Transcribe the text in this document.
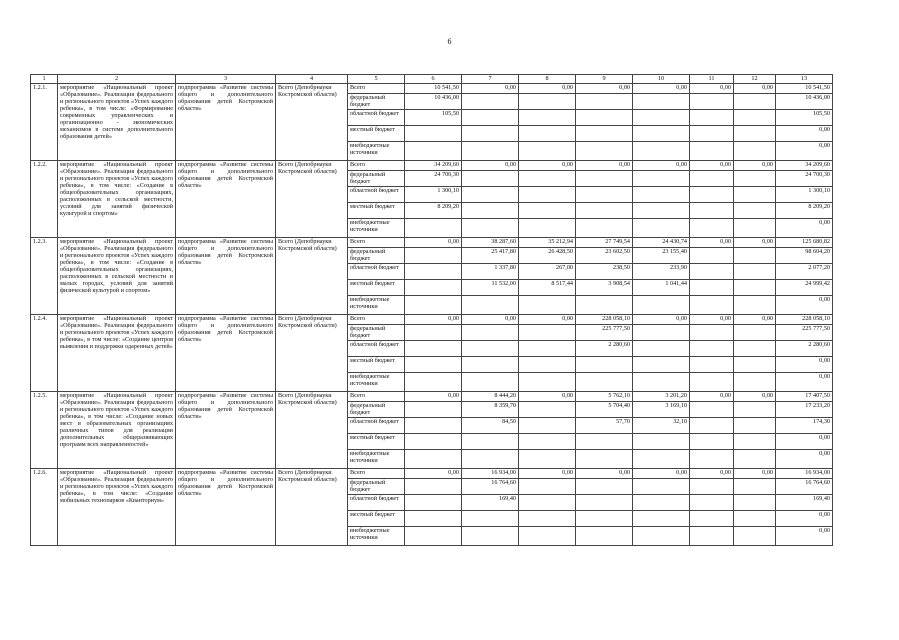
6
1	2	3	4	5	6	7	8	9	10	11	12	13
1.2.1.	мероприятие «Национальный проект «Образование». Реализация федерального и регионального проектов «Успех каждого ребенка», в том числе: «Формирование современных управленческих и организационно - экономических механизмов в системе дополнительного образования детей»	подпрограмма «Развитие системы общего и дополнительного образования детей Костромской области»	Всего (Депобрнауки Костромской области)	Всего	10 541,50	0,00	0,00	0,00	0,00	0,00	0,00	10 541,50
				федеральный бюджет	10 436,00							10 436,00
				областной бюджет	105,50							105,50
				местный бюджет								0,00
				внебюджетные источники								0,00
1.2.2.	мероприятие «Национальный проект «Образование». Реализация федерального и регионального проектов «Успех каждого ребенка», в том числе: «Создание в общеобразовательных организациях, расположенных в сельской местности, условий для занятий физической культурой и спортом»	подпрограмма «Развитие системы общего и дополнительного образования детей Костромской области»	Всего (Депобрнауки Костромской области)	Всего	34 209,60	0,00	0,00	0,00	0,00	0,00	0,00	34 209,60
				федеральный бюджет	24 700,30							24 700,30
				областной бюджет	1 300,10							1 300,10
				местный бюджет	8 209,20							8 209,20
				внебюджетные источники								0,00
1.2.3.	мероприятие «Национальный проект «Образование». Реализация федерального и регионального проектов «Успех каждого ребенка», в том числе: «Создание в общеобразовательных организациях, расположенных в сельской местности и малых городах, условий для занятий физической культурой и спортом»	подпрограмма «Развитие системы общего и дополнительного образования детей Костромской области»	Всего (Депобрнауки Костромской области)	Всего	0,00	38 287,60	35 212,94	27 749,54	24 430,74	0,00	0,00	125 680,82
				федеральный бюджет		25 417,80	26 428,50	23 602,50	23 155,40			98 604,20
				областной бюджет		1 337,80	267,00	238,50	233,90			2 077,20
				местный бюджет		11 532,00	8 517,44	3 908,54	1 041,44			24 999,42
				внебюджетные источники								0,00
1.2.4.	мероприятие «Национальный проект «Образование». Реализация федерального и регионального проектов «Успех каждого ребенка», в том числе: «Создание центров выявления и поддержки одаренных детей»	подпрограмма «Развитие системы общего и дополнительного образования детей Костромской области»	Всего (Депобрнауки Костромской области)	Всего	0,00	0,00	0,00	228 058,10	0,00	0,00	0,00	228 058,10
				федеральный бюджет				225 777,50				225 777,50
				областной бюджет				2 280,60				2 280,60
				местный бюджет								0,00
				внебюджетные источники								0,00
1.2.5.	мероприятие «Национальный проект «Образование». Реализация федерального и регионального проектов «Успех каждого ребенка», в том числе: «Создание новых мест в образовательных организациях различных типов для реализации дополнительных общеразвивающих программ всех направленностей»	подпрограмма «Развитие системы общего и дополнительного образования детей Костромской области»	Всего (Депобрнауки Костромской области)	Всего	0,00	8 444,20	0,00	5 762,10	3 201,20	0,00	0,00	17 407,50
				федеральный бюджет		8 359,70		5 704,40	3 169,10			17 233,20
				областной бюджет		84,50		57,70	32,10			174,30
				местный бюджет								0,00
				внебюджетные источники								0,00
1.2.6.	мероприятие «Национальный проект «Образование». Реализация федерального и регионального проектов «Успех каждого ребенка», в том числе: «Создание мобильных технопарков «Кванториум»	подпрограмма «Развитие системы общего и дополнительного образования детей Костромской области»	Всего (Депобрнауки Костромской области)	Всего	0,00	16 934,00	0,00	0,00	0,00	0,00	0,00	16 934,00
				федеральный бюджет		16 764,60						16 764,60
				областной бюджет		169,40						169,40
				местный бюджет								0,00
				внебюджетные источники								0,00
